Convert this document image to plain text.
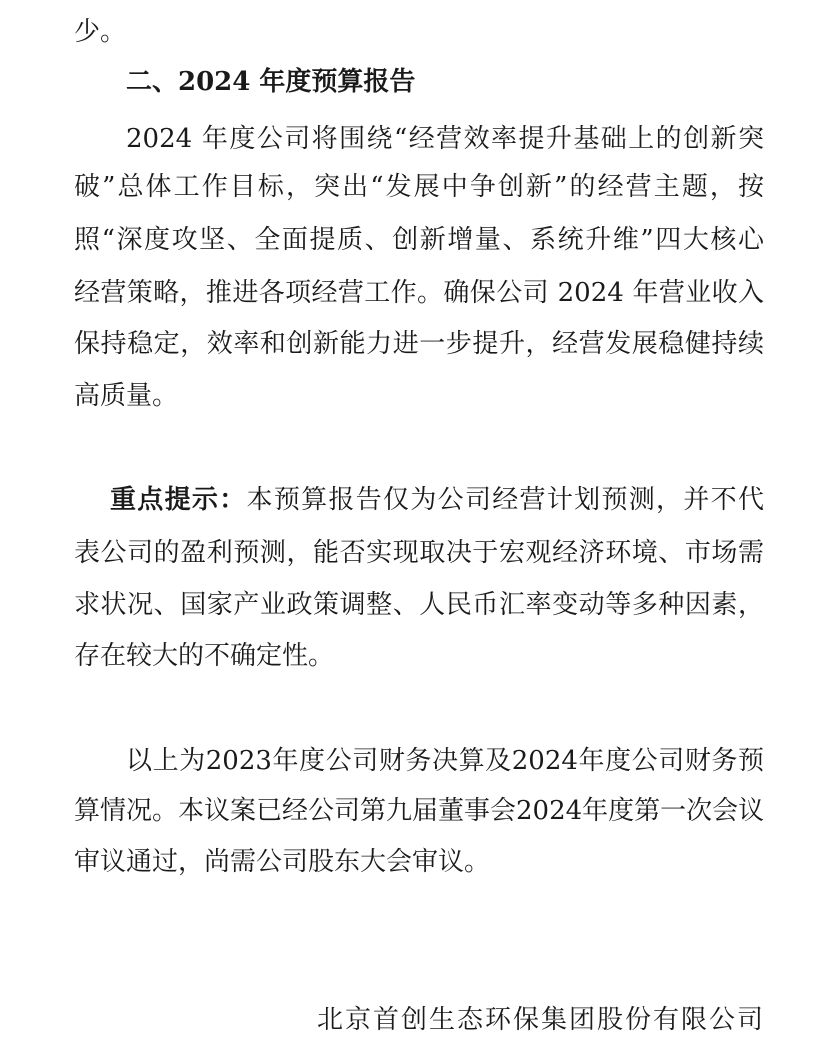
少。
二、2024 年度预算报告
2024 年度公司将围绕“经营效率提升基础上的创新突
破”总体工作目标，突出“发展中争创新”的经营主题，按
照“深度攻坚、全面提质、创新增量、系统升维”四大核心
经营策略，推进各项经营工作。确保公司 2024 年营业收入
保持稳定，效率和创新能力进一步提升，经营发展稳健持续
高质量。
重点提示：本预算报告仅为公司经营计划预测，并不代
表公司的盈利预测，能否实现取决于宏观经济环境、市场需
求状况、国家产业政策调整、人民币汇率变动等多种因素，
存在较大的不确定性。
以上为2023年度公司财务决算及2024年度公司财务预
算情况。本议案已经公司第九届董事会2024年度第一次会议
审议通过，尚需公司股东大会审议。
北京首创生态环保集团股份有限公司
